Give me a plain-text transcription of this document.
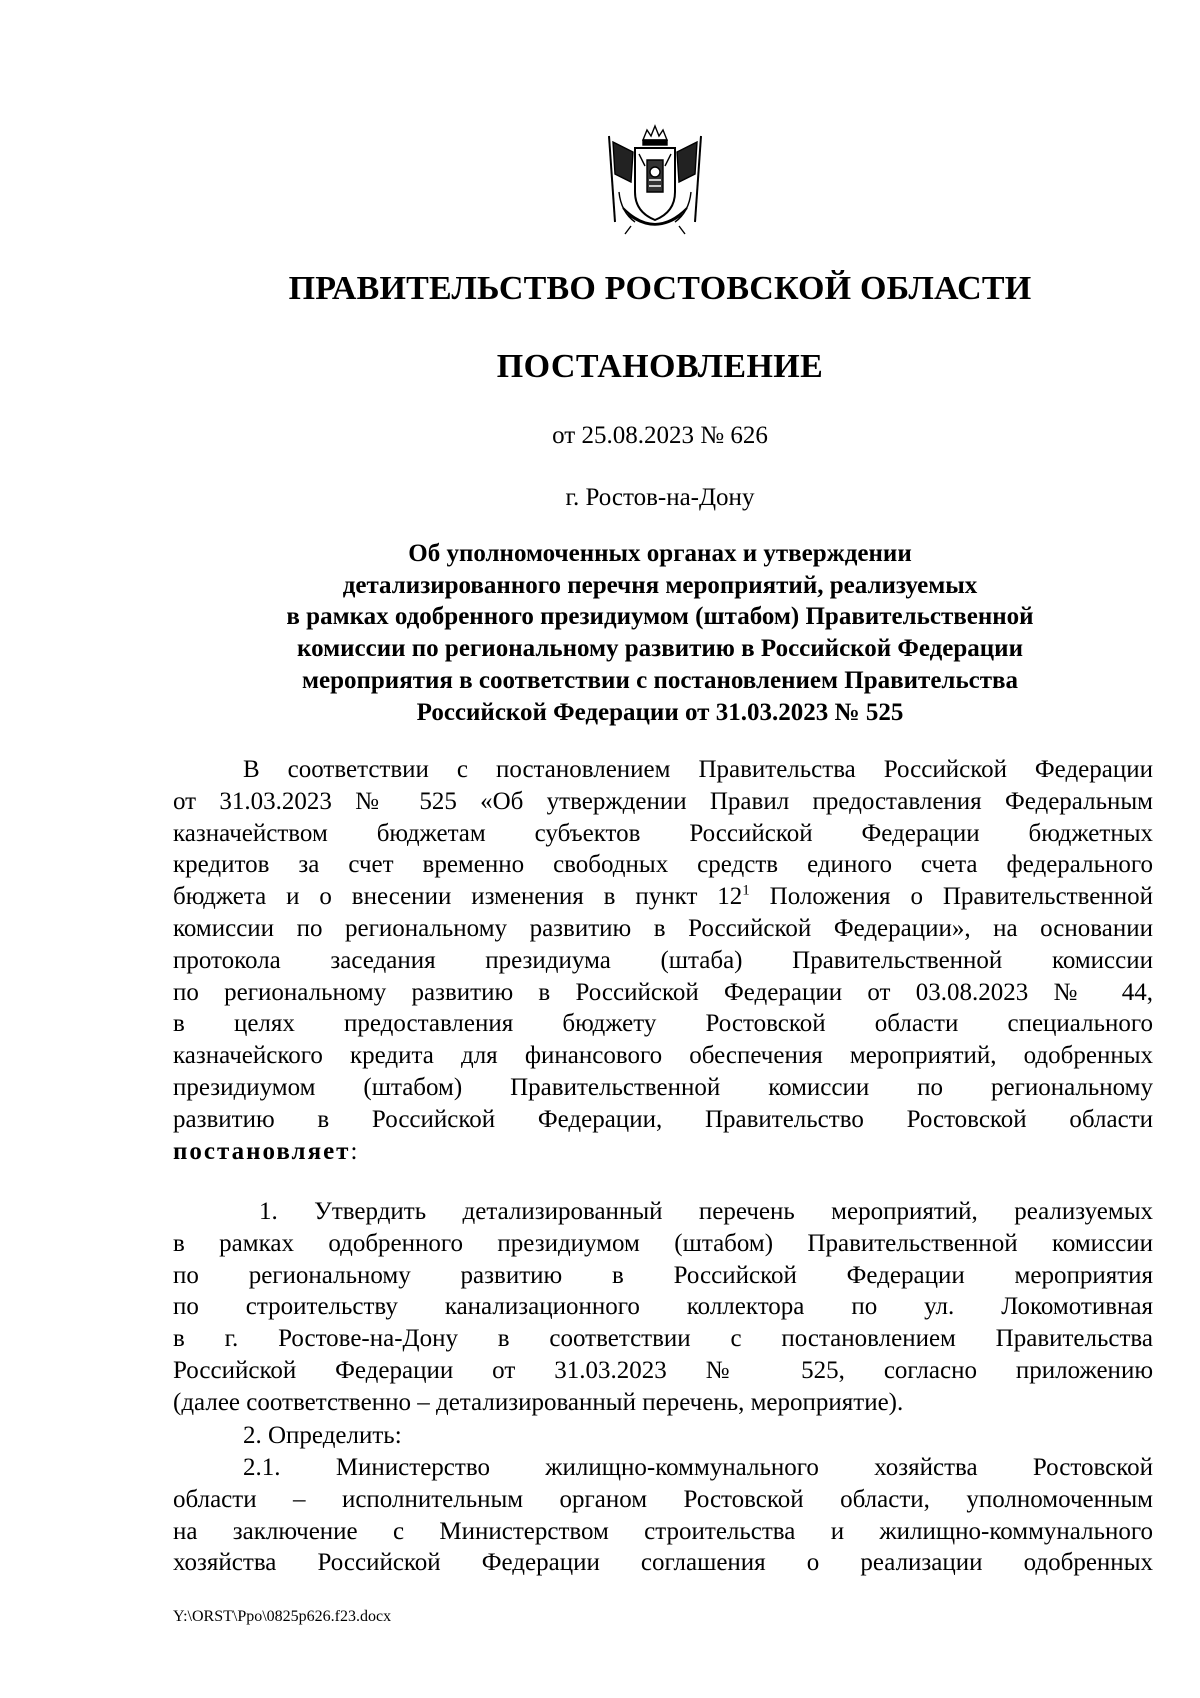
ПРАВИТЕЛЬСТВО РОСТОВСКОЙ ОБЛАСТИ
ПОСТАНОВЛЕНИЕ
от 25.08.2023 № 626
г. Ростов-на-Дону
Об уполномоченных органах и утверждении
детализированного перечня мероприятий, реализуемых
в рамках одобренного президиумом (штабом) Правительственной
комиссии по региональному развитию в Российской Федерации
мероприятия в соответствии с постановлением Правительства
Российской Федерации от 31.03.2023 № 525
В соответствии с постановлением Правительства Российской Федерации
от 31.03.2023 № 525 «Об утверждении Правил предоставления Федеральным
казначейством бюджетам субъектов Российской Федерации бюджетных
кредитов за счет временно свободных средств единого счета федерального
бюджета и о внесении изменения в пункт $12^1$ Положения о Правительственной
комиссии по региональному развитию в Российской Федерации», на основании
протокола заседания президиума (штаба) Правительственной комиссии
по региональному развитию в Российской Федерации от 03.08.2023 № 44,
в целях предоставления бюджету Ростовской области специального
казначейского кредита для финансового обеспечения мероприятий, одобренных
президиумом (штабом) Правительственной комиссии по региональному
развитию в Российской Федерации, Правительство Ростовской области
постановляет:
1. Утвердить детализированный перечень мероприятий, реализуемых
в рамках одобренного президиумом (штабом) Правительственной комиссии
по региональному развитию в Российской Федерации мероприятия
по строительству канализационного коллектора по ул. Локомотивная
в г. Ростове-на-Дону в соответствии с постановлением Правительства
Российской Федерации от 31.03.2023 № 525, согласно приложению
(далее соответственно – детализированный перечень, мероприятие).
2. Определить:
2.1. Министерство жилищно-коммунального хозяйства Ростовской
области – исполнительным органом Ростовской области, уполномоченным
на заключение с Министерством строительства и жилищно-коммунального
хозяйства Российской Федерации соглашения о реализации одобренных
Y:\ORST\Ppo\0825p626.f23.docx
